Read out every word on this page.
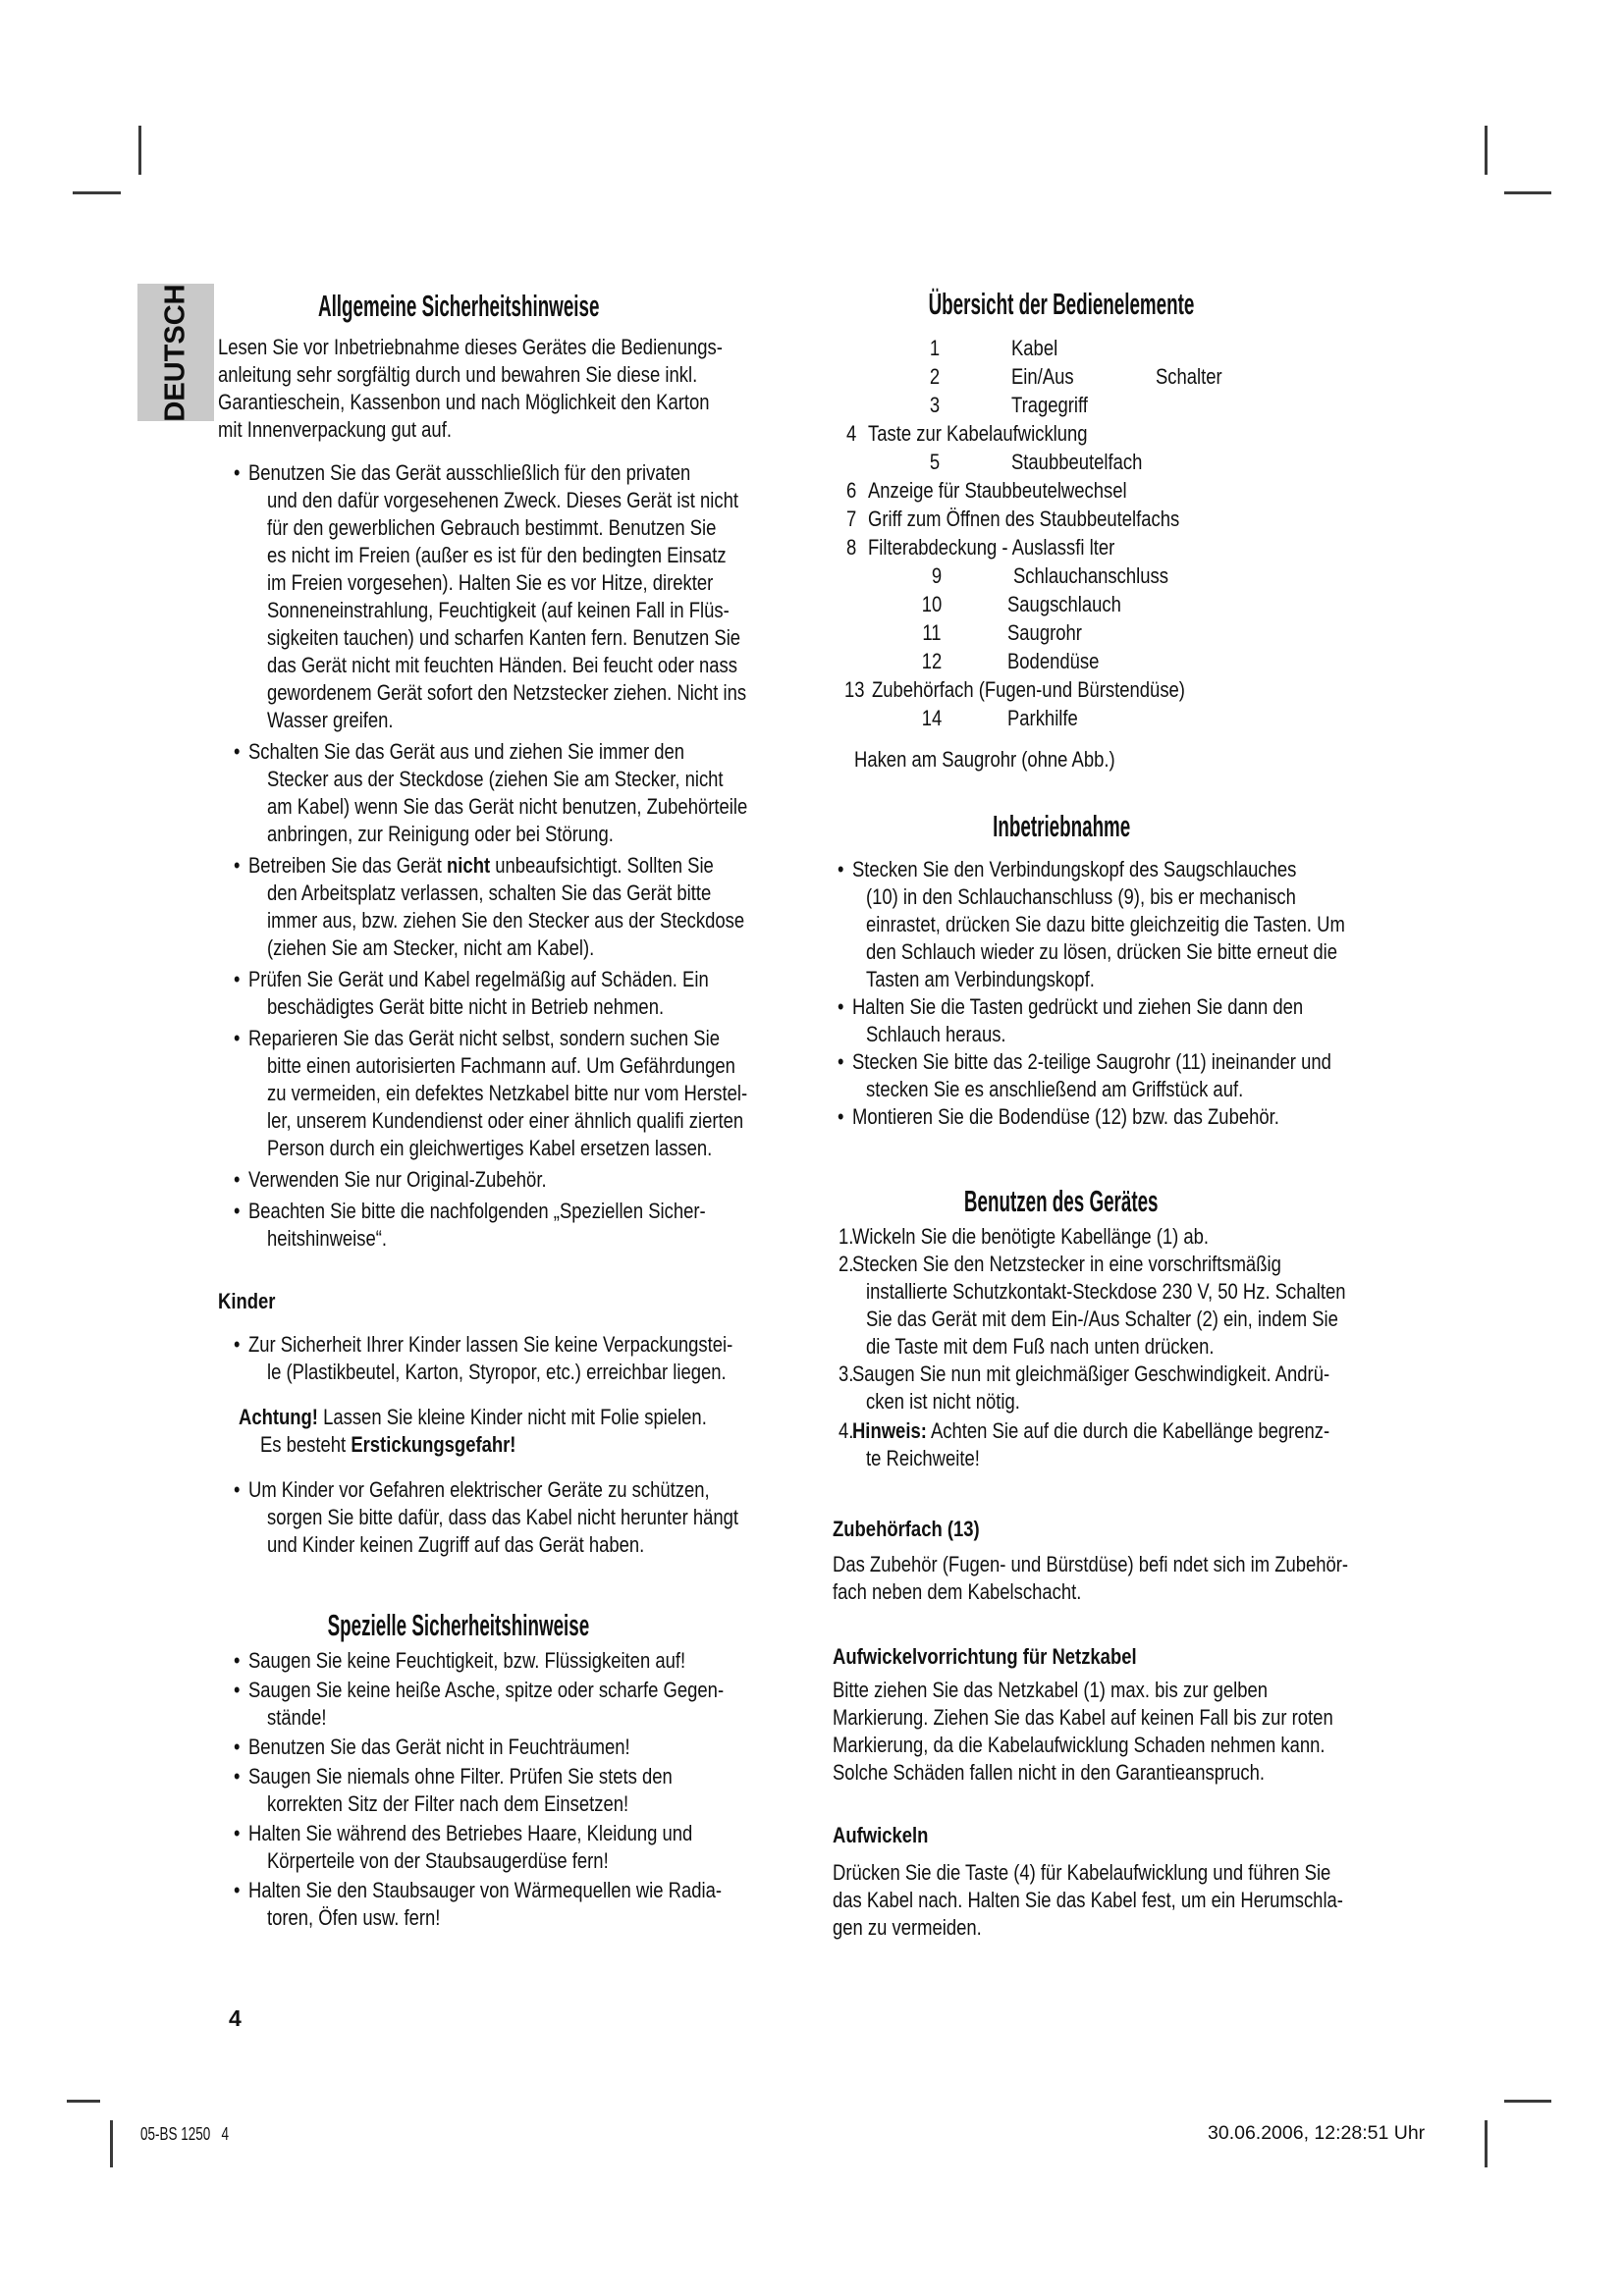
DEUTSCH	Allgemeine Sicherheitshinweise
Lesen Sie vor Inbetriebnahme dieses Gerätes die Bedienungs-
anleitung sehr sorgfältig durch und bewahren Sie diese inkl.
Garantieschein, Kassenbon und nach Möglichkeit den Karton
mit Innenverpackung gut auf.
• Benutzen Sie das Gerät ausschließlich für den privaten
und den dafür vorgesehenen Zweck. Dieses Gerät ist nicht
für den gewerblichen Gebrauch bestimmt. Benutzen Sie
es nicht im Freien (außer es ist für den bedingten Einsatz
im Freien vorgesehen). Halten Sie es vor Hitze, direkter
Sonneneinstrahlung, Feuchtigkeit (auf keinen Fall in Flüs-
sigkeiten tauchen) und scharfen Kanten fern. Benutzen Sie
das Gerät nicht mit feuchten Händen. Bei feucht oder nass
gewordenem Gerät sofort den Netzstecker ziehen. Nicht ins
Wasser greifen.
• Schalten Sie das Gerät aus und ziehen Sie immer den
Stecker aus der Steckdose (ziehen Sie am Stecker, nicht
am Kabel) wenn Sie das Gerät nicht benutzen, Zubehörteile
anbringen, zur Reinigung oder bei Störung.
• Betreiben Sie das Gerät nicht unbeaufsichtigt. Sollten Sie
den Arbeitsplatz verlassen, schalten Sie das Gerät bitte
immer aus, bzw. ziehen Sie den Stecker aus der Steckdose
(ziehen Sie am Stecker, nicht am Kabel).
• Prüfen Sie Gerät und Kabel regelmäßig auf Schäden. Ein
beschädigtes Gerät bitte nicht in Betrieb nehmen.
• Reparieren Sie das Gerät nicht selbst, sondern suchen Sie
bitte einen autorisierten Fachmann auf. Um Gefährdungen
zu vermeiden, ein defektes Netzkabel bitte nur vom Herstel-
ler, unserem Kundendienst oder einer ähnlich qualifi zierten
Person durch ein gleichwertiges Kabel ersetzen lassen.
• Verwenden Sie nur Original-Zubehör.
• Beachten Sie bitte die nachfolgenden „Speziellen Sicher-
heitshinweise“.
Kinder
• Zur Sicherheit Ihrer Kinder lassen Sie keine Verpackungstei-
le (Plastikbeutel, Karton, Styropor, etc.) erreichbar liegen.
Achtung! Lassen Sie kleine Kinder nicht mit Folie spielen.
Es besteht Erstickungsgefahr!
• Um Kinder vor Gefahren elektrischer Geräte zu schützen,
sorgen Sie bitte dafür, dass das Kabel nicht herunter hängt
und Kinder keinen Zugriff auf das Gerät haben.
Spezielle Sicherheitshinweise
• Saugen Sie keine Feuchtigkeit, bzw. Flüssigkeiten auf!
• Saugen Sie keine heiße Asche, spitze oder scharfe Gegen-
stände!
• Benutzen Sie das Gerät nicht in Feuchträumen!
• Saugen Sie niemals ohne Filter. Prüfen Sie stets den
korrekten Sitz der Filter nach dem Einsetzen!
• Halten Sie während des Betriebes Haare, Kleidung und
Körperteile von der Staubsaugerdüse fern!
• Halten Sie den Staubsauger von Wärmequellen wie Radia-
toren, Öfen usw. fern!
Übersicht der Bedienelemente
1	Kabel
2	Ein/Aus	Schalter
3	Tragegriff
4 Taste zur Kabelaufwicklung
5	Staubbeutelfach
6 Anzeige für Staubbeutelwechsel
7 Griff zum Öffnen des Staubbeutelfachs
8 Filterabdeckung - Auslassfi lter
9	Schlauchanschluss
10	Saugschlauch
11	Saugrohr
12	Bodendüse
13 Zubehörfach (Fugen-und Bürstendüse)
14	Parkhilfe
Haken am Saugrohr (ohne Abb.)
Inbetriebnahme
• Stecken Sie den Verbindungskopf des Saugschlauches
(10) in den Schlauchanschluss (9), bis er mechanisch
einrastet, drücken Sie dazu bitte gleichzeitig die Tasten. Um
den Schlauch wieder zu lösen, drücken Sie bitte erneut die
Tasten am Verbindungskopf.
• Halten Sie die Tasten gedrückt und ziehen Sie dann den
Schlauch heraus.
• Stecken Sie bitte das 2-teilige Saugrohr (11) ineinander und
stecken Sie es anschließend am Griffstück auf.
• Montieren Sie die Bodendüse (12) bzw. das Zubehör.
Benutzen des Gerätes
1.
Wickeln Sie die benötigte Kabellänge (1) ab.
2.
Stecken Sie den Netzstecker in eine vorschriftsmäßig
installierte Schutzkontakt-Steckdose 230 V, 50 Hz. Schalten
Sie das Gerät mit dem Ein-/Aus Schalter (2) ein, indem Sie
die Taste mit dem Fuß nach unten drücken.
3.
Saugen Sie nun mit gleichmäßiger Geschwindigkeit. Andrü-
cken ist nicht nötig.
4.
Hinweis: Achten Sie auf die durch die Kabellänge begrenz-
te Reichweite!
Zubehörfach (13)
Das Zubehör (Fugen- und Bürstdüse) befi ndet sich im Zubehör-
fach neben dem Kabelschacht.
Aufwickelvorrichtung für Netzkabel
Bitte ziehen Sie das Netzkabel (1) max. bis zur gelben
Markierung. Ziehen Sie das Kabel auf keinen Fall bis zur roten
Markierung, da die Kabelaufwicklung Schaden nehmen kann.
Solche Schäden fallen nicht in den Garantieanspruch.
Aufwickeln
Drücken Sie die Taste (4) für Kabelaufwicklung und führen Sie
das Kabel nach. Halten Sie das Kabel fest, um ein Herumschla-
gen zu vermeiden.
4
05-BS 1250   4	30.06.2006, 12:28:51 Uhr
